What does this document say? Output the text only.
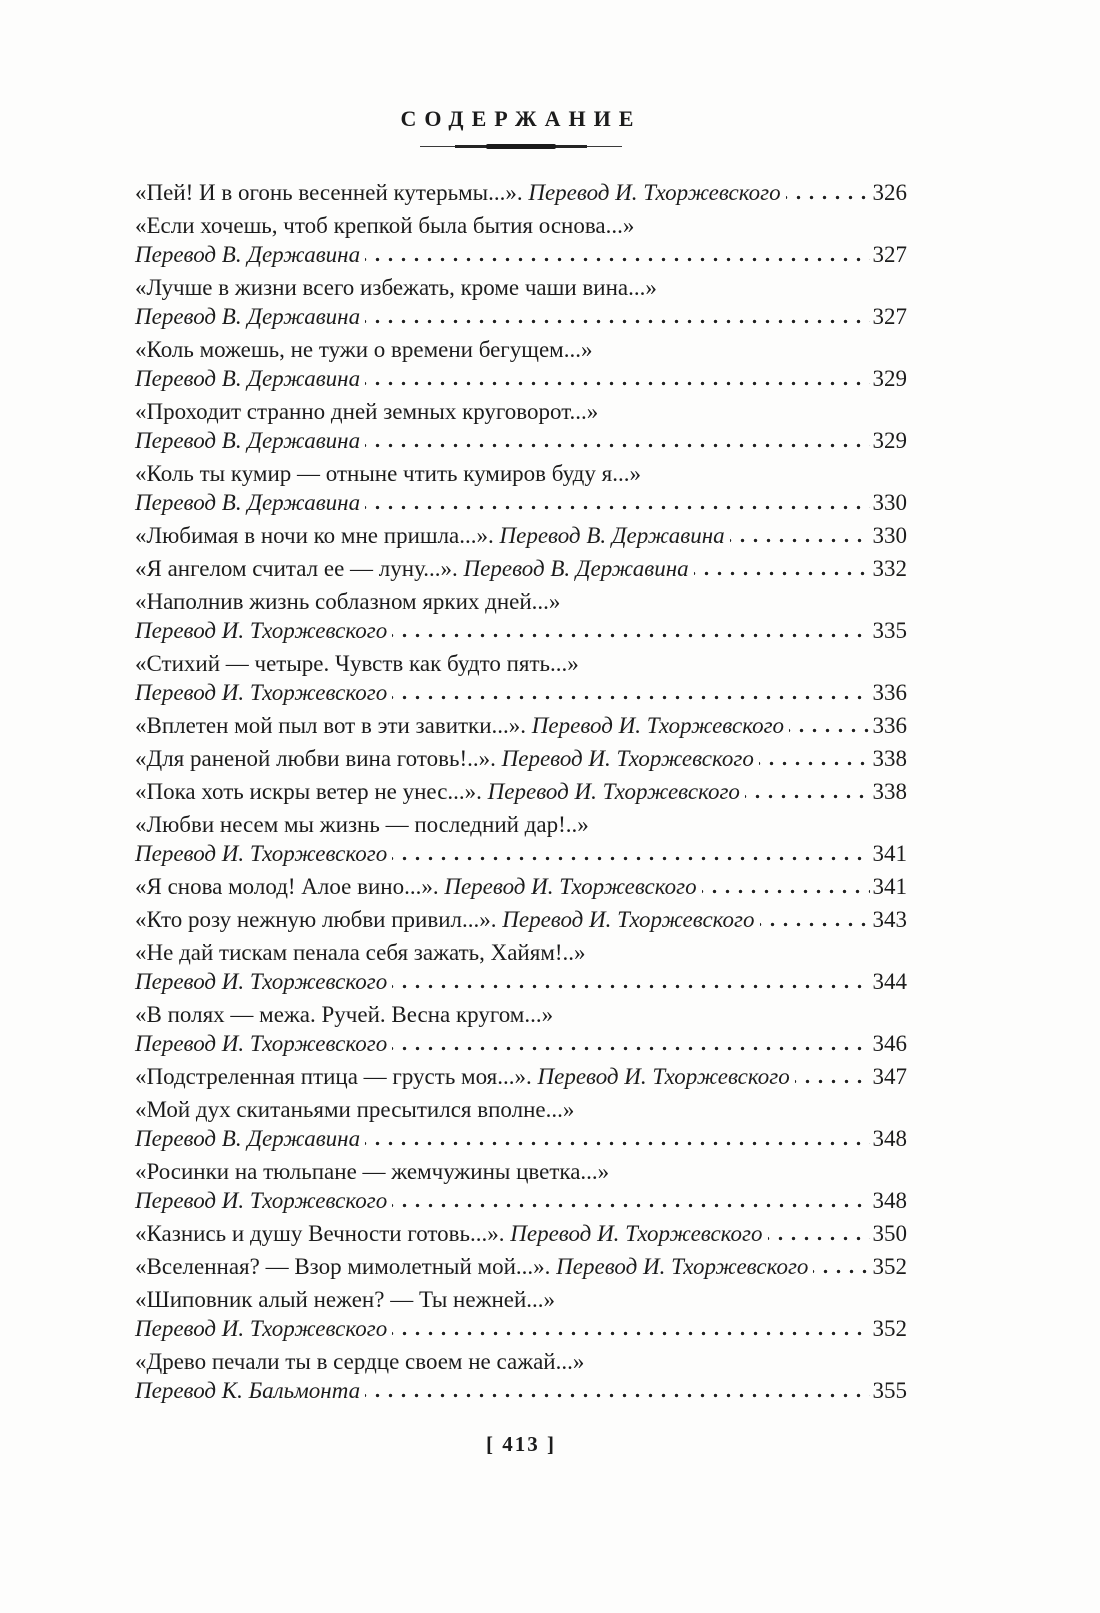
СОДЕРЖАНИЕ
«Пей! И в огонь весенней кутерьмы...». Перевод И. Тхоржевского	326
«Если хочешь, чтоб крепкой была бытия основа...»
Перевод В. Державина	327
«Лучше в жизни всего избежать, кроме чаши вина...»
Перевод В. Державина	327
«Коль можешь, не тужи о времени бегущем...»
Перевод В. Державина	329
«Проходит странно дней земных круговорот...»
Перевод В. Державина	329
«Коль ты кумир — отныне чтить кумиров буду я...»
Перевод В. Державина	330
«Любимая в ночи ко мне пришла...». Перевод В. Державина	330
«Я ангелом считал ее — луну...». Перевод В. Державина	332
«Наполнив жизнь соблазном ярких дней...»
Перевод И. Тхоржевского	335
«Стихий — четыре. Чувств как будто пять...»
Перевод И. Тхоржевского	336
«Вплетен мой пыл вот в эти завитки...». Перевод И. Тхоржевского	336
«Для раненой любви вина готовь!..». Перевод И. Тхоржевского	338
«Пока хоть искры ветер не унес...». Перевод И. Тхоржевского	338
«Любви несем мы жизнь — последний дар!..»
Перевод И. Тхоржевского	341
«Я снова молод! Алое вино...». Перевод И. Тхоржевского	341
«Кто розу нежную любви привил...». Перевод И. Тхоржевского	343
«Не дай тискам пенала себя зажать, Хайям!..»
Перевод И. Тхоржевского	344
«В полях — межа. Ручей. Весна кругом...»
Перевод И. Тхоржевского	346
«Подстреленная птица — грусть моя...». Перевод И. Тхоржевского	347
«Мой дух скитаньями пресытился вполне...»
Перевод В. Державина	348
«Росинки на тюльпане — жемчужины цветка...»
Перевод И. Тхоржевского	348
«Казнись и душу Вечности готовь...». Перевод И. Тхоржевского	350
«Вселенная? — Взор мимолетный мой...». Перевод И. Тхоржевского	352
«Шиповник алый нежен? — Ты нежней...»
Перевод И. Тхоржевского	352
«Древо печали ты в сердце своем не сажай...»
Перевод К. Бальмонта	355
[ 413 ]
